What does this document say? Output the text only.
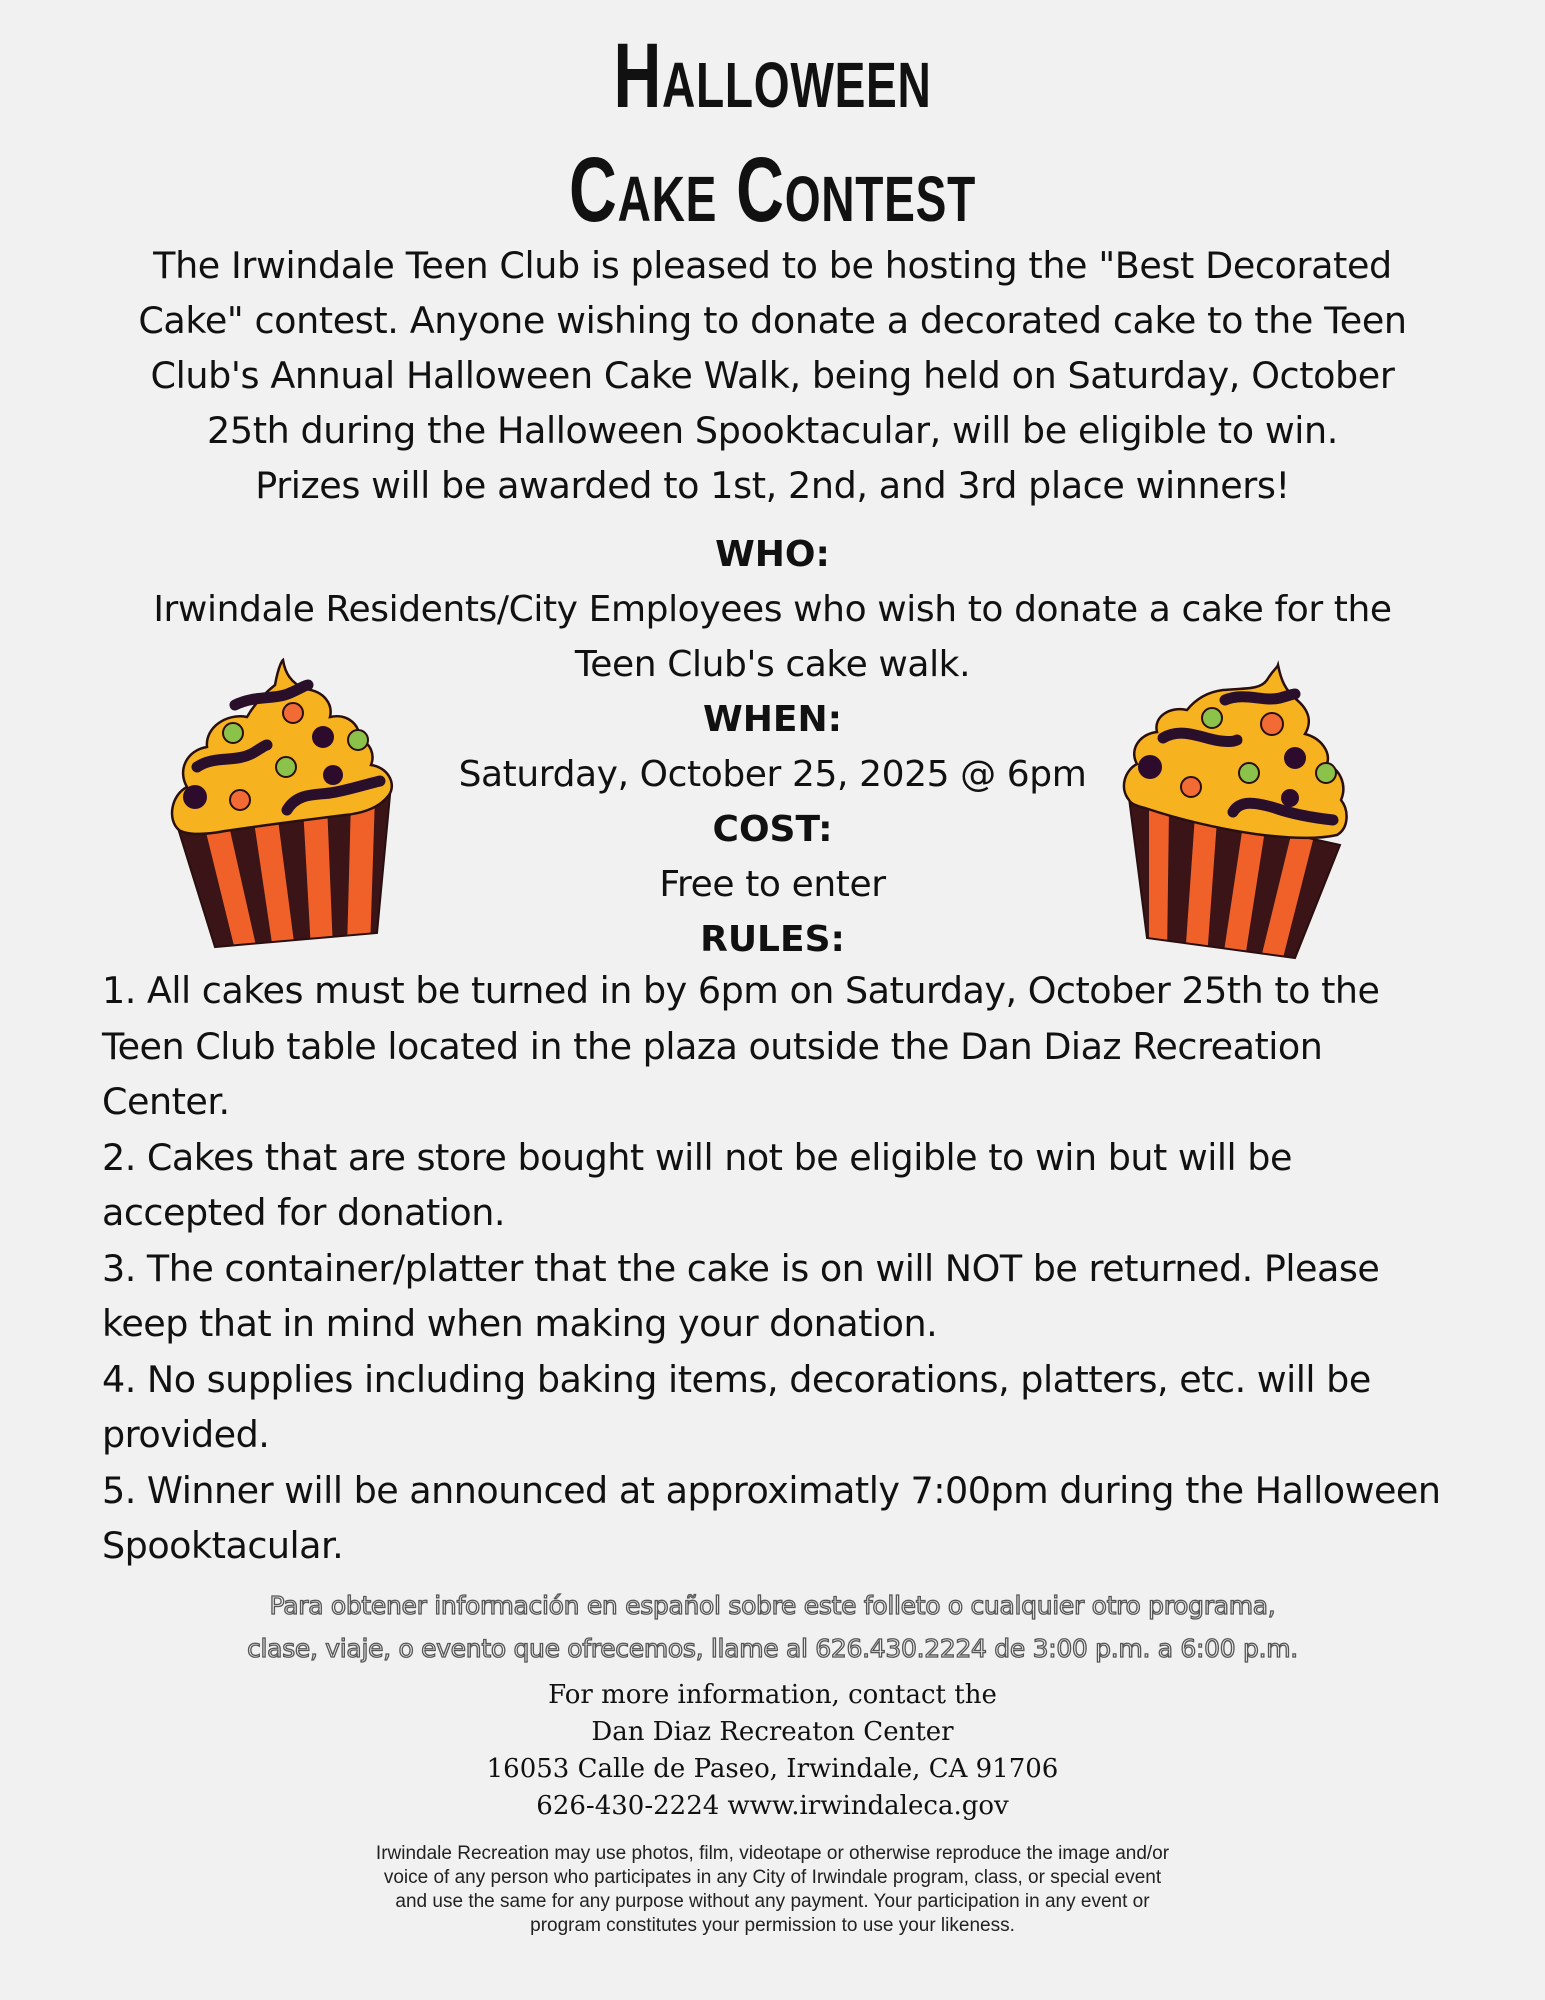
Halloween
Cake Contest

The Irwindale Teen Club is pleased to be hosting the "Best Decorated

Cake" contest. Anyone wishing to donate a decorated cake to the Teen

Club's Annual Halloween Cake Walk, being held on Saturday, October

25th during the Halloween Spooktacular, will be eligible to win.

Prizes will be awarded to 1st, 2nd, and 3rd place winners!

WHO:
Irwindale Residents/City Employees who wish to donate a cake for the
Teen Club's cake walk.
WHEN:
Saturday, October 25, 2025 @ 6pm
COST:
Free to enter
RULES:

1. All cakes must be turned in by 6pm on Saturday, October 25th to the

Teen Club table located in the plaza outside the Dan Diaz Recreation

Center.

2. Cakes that are store bought will not be eligible to win but will be

accepted for donation.

3. The container/platter that the cake is on will NOT be returned. Please

keep that in mind when making your donation.

4. No supplies including baking items, decorations, platters, etc. will be

provided.

5. Winner will be announced at approximatly 7:00pm during the Halloween

Spooktacular.

Para obtener información en español sobre este folleto o cualquier otro programa,

clase, viaje, o evento que ofrecemos, llame al 626.430.2224 de 3:00 p.m. a 6:00 p.m.

For more information, contact the

Dan Diaz Recreaton Center

16053 Calle de Paseo, Irwindale, CA 91706

626-430-2224 www.irwindaleca.gov

Irwindale Recreation may use photos, film, videotape or otherwise reproduce the image and/or

voice of any person who participates in any City of Irwindale program, class, or special event

and use the same for any purpose without any payment. Your participation in any event or

program constitutes your permission to use your likeness.
